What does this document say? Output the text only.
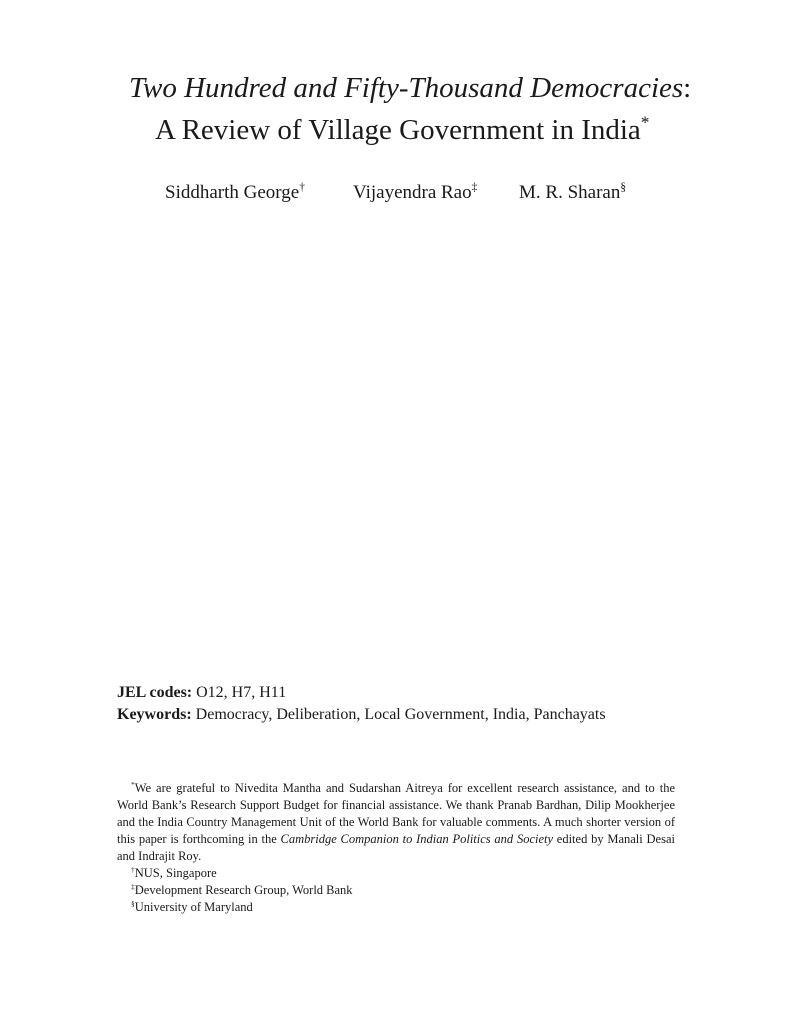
Two Hundred and Fifty-Thousand Democracies:
A Review of Village Government in India*
Siddharth George†	Vijayendra Rao‡ M. R. Sharan§
JEL codes: O12, H7, H11
Keywords: Democracy, Deliberation, Local Government, India, Panchayats

*We are grateful to Nivedita Mantha and Sudarshan Aitreya for excellent research assistance, and to the World Bank’s Research Support Budget for financial assistance. We thank Pranab Bardhan, Dilip Mookherjee and the India Country Management Unit of the World Bank for valuable comments. A much shorter version of this paper is forthcoming in the Cambridge Companion to Indian Politics and Society edited by Manali Desai and Indrajit Roy.

†NUS, Singapore

‡Development Research Group, World Bank

§University of Maryland
